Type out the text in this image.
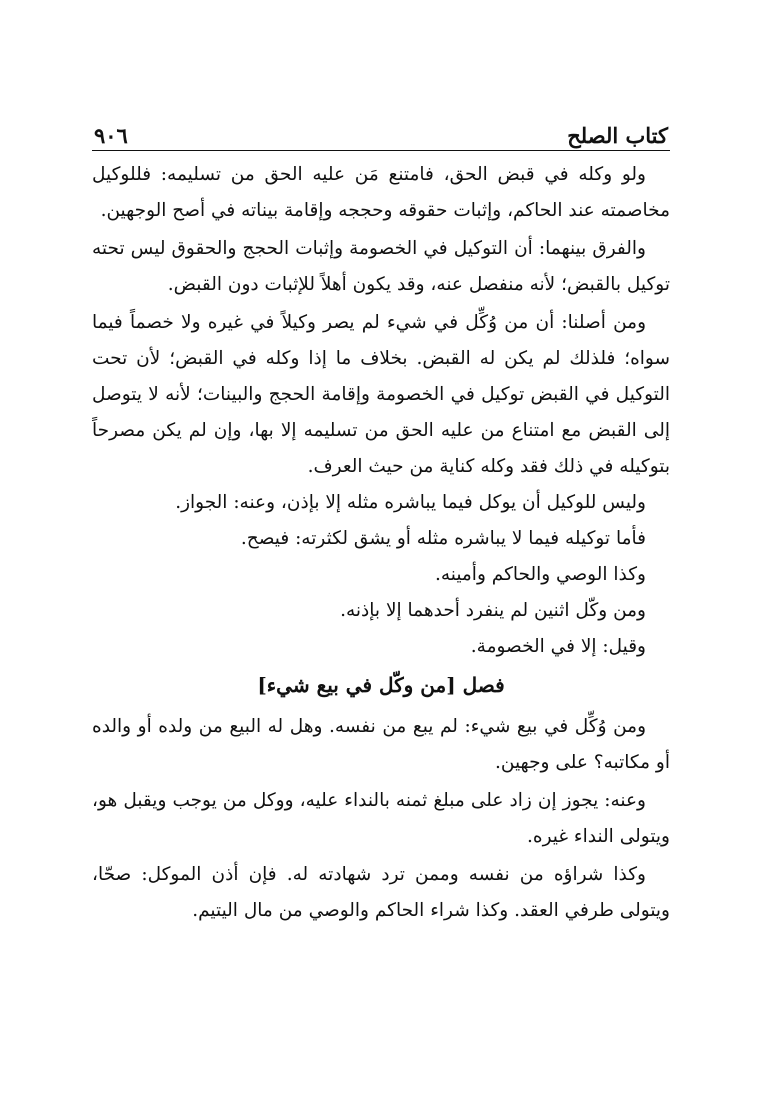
كتاب الصلح
٩٠٦
ولو وكله في قبض الحق، فامتنع مَن عليه الحق من تسليمه: فللوكيل مخاصمته عند الحاكم، وإثبات حقوقه وحججه وإقامة بيناته في أصح الوجهين.
والفرق بينهما: أن التوكيل في الخصومة وإثبات الحجج والحقوق ليس تحته توكيل بالقبض؛ لأنه منفصل عنه، وقد يكون أهلاً للإثبات دون القبض.
ومن أصلنا: أن من وُكِّل في شيء لم يصر وكيلاً في غيره ولا خصماً فيما سواه؛ فلذلك لم يكن له القبض. بخلاف ما إذا وكله في القبض؛ لأن تحت التوكيل في القبض توكيل في الخصومة وإقامة الحجج والبينات؛ لأنه لا يتوصل إلى القبض مع امتناع من عليه الحق من تسليمه إلا بها، وإن لم يكن مصرحاً بتوكيله في ذلك فقد وكله كناية من حيث العرف.
وليس للوكيل أن يوكل فيما يباشره مثله إلا بإذن، وعنه: الجواز.
فأما توكيله فيما لا يباشره مثله أو يشق لكثرته: فيصح.
وكذا الوصي والحاكم وأمينه.
ومن وكّل اثنين لم ينفرد أحدهما إلا بإذنه.
وقيل: إلا في الخصومة.
فصل [من وكّل في بيع شيء]
ومن وُكِّل في بيع شيء: لم يبع من نفسه. وهل له البيع من ولده أو والده أو مكاتبه؟ على وجهين.
وعنه: يجوز إن زاد على مبلغ ثمنه بالنداء عليه، ووكل من يوجب ويقبل هو، ويتولى النداء غيره.
وكذا شراؤه من نفسه وممن ترد شهادته له. فإن أذن الموكل: صحّا، ويتولى طرفي العقد. وكذا شراء الحاكم والوصي من مال اليتيم.
